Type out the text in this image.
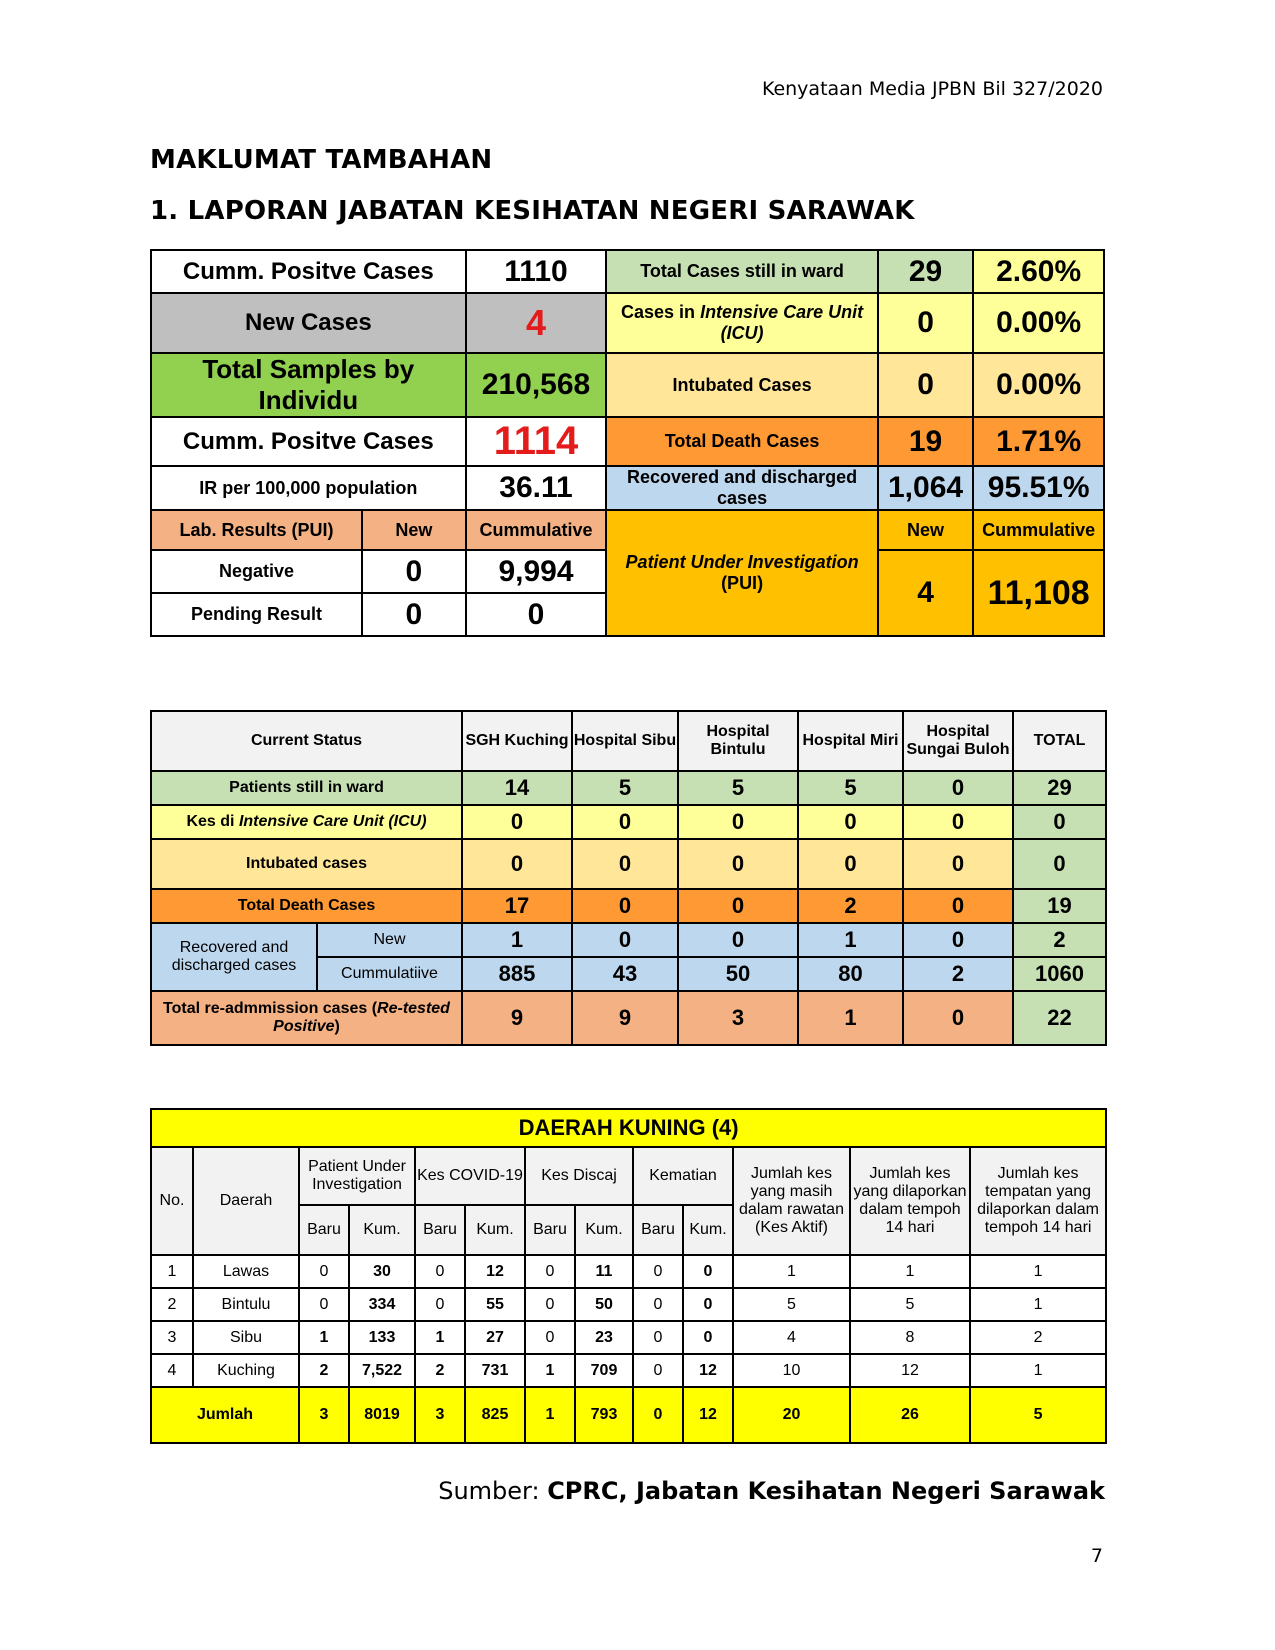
Kenyataan Media JPBN Bil 327/2020
MAKLUMAT TAMBAHAN
1. LAPORAN JABATAN KESIHATAN NEGERI SARAWAK
Cumm. Positve Cases		1110	Total Cases still in ward	29	2.60%
New Cases		4	Cases in Intensive Care Unit (ICU)	0	0.00%
Total Samples by Individu		210,568	Intubated Cases	0	0.00%
Cumm. Positve Cases		1114	Total Death Cases	19	1.71%
IR per 100,000 population		36.11	Recovered and discharged cases	1,064	95.51%
Lab. Results (PUI)	New	Cummulative	Patient Under Investigation (PUI)	New	Cummulative
Negative	0	9,994		4	11,108
Pending Result	0	0			
Current Status		SGH Kuching	Hospital Sibu	Hospital Bintulu	Hospital Miri	Hospital Sungai Buloh	TOTAL
Patients still in ward		14	5	5	5	0	29
Kes di Intensive Care Unit (ICU)		0	0	0	0	0	0
Intubated cases		0	0	0	0	0	0
Total Death Cases		17	0	0	2	0	19
Recovered and discharged cases	New	1	0	0	1	0	2
	Cummulatiive	885	43	50	80	2	1060
Total re-admmission cases (Re-tested Positive)		9	9	3	1	0	22
DAERAH KUNING (4)												
No.	Daerah	Patient Under Investigation		Kes COVID-19		Kes Discaj		Kematian		Jumlah kes yang masih dalam rawatan (Kes Aktif)	Jumlah kes yang dilaporkan dalam tempoh 14 hari	Jumlah kes tempatan yang dilaporkan dalam tempoh 14 hari
		Baru	Kum.	Baru	Kum.	Baru	Kum.	Baru	Kum.			
1	Lawas	0	30	0	12	0	11	0	0	1	1	1
2	Bintulu	0	334	0	55	0	50	0	0	5	5	1
3	Sibu	1	133	1	27	0	23	0	0	4	8	2
4	Kuching	2	7,522	2	731	1	709	0	12	10	12	1
Jumlah		3	8019	3	825	1	793	0	12	20	26	5
Sumber: CPRC, Jabatan Kesihatan Negeri Sarawak
7
